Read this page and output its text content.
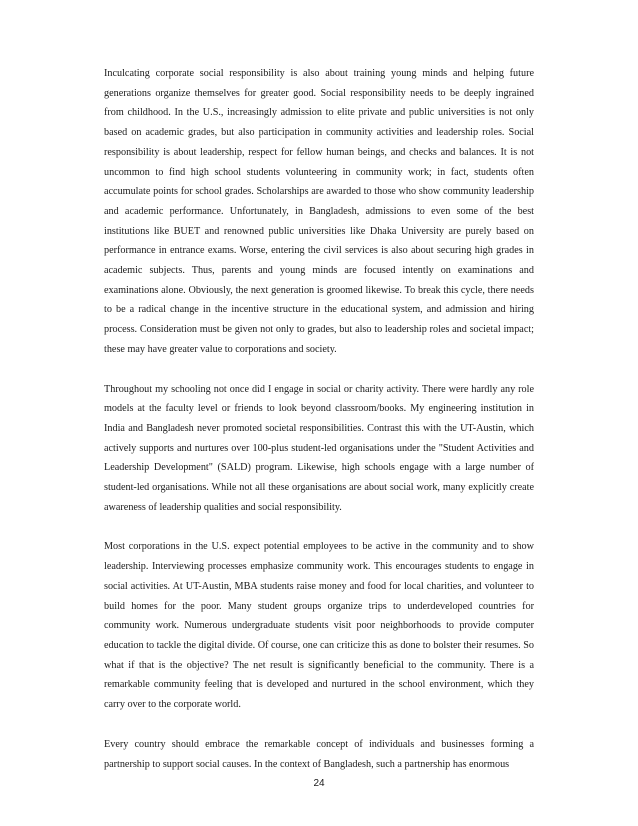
Inculcating corporate social responsibility is also about training young minds and helping future generations organize themselves for greater good. Social responsibility needs to be deeply ingrained from childhood. In the U.S., increasingly admission to elite private and public universities is not only based on academic grades, but also participation in community activities and leadership roles. Social responsibility is about leadership, respect for fellow human beings, and checks and balances. It is not uncommon to find high school students volunteering in community work; in fact, students often accumulate points for school grades. Scholarships are awarded to those who show community leadership and academic performance. Unfortunately, in Bangladesh, admissions to even some of the best institutions like BUET and renowned public universities like Dhaka University are purely based on performance in entrance exams. Worse, entering the civil services is also about securing high grades in academic subjects. Thus, parents and young minds are focused intently on examinations and examinations alone. Obviously, the next generation is groomed likewise. To break this cycle, there needs to be a radical change in the incentive structure in the educational system, and admission and hiring process. Consideration must be given not only to grades, but also to leadership roles and societal impact; these may have greater value to corporations and society.

Throughout my schooling not once did I engage in social or charity activity. There were hardly any role models at the faculty level or friends to look beyond classroom/books. My engineering institution in India and Bangladesh never promoted societal responsibilities. Contrast this with the UT-Austin, which actively supports and nurtures over 100-plus student-led organisations under the "Student Activities and Leadership Development" (SALD) program. Likewise, high schools engage with a large number of student-led organisations. While not all these organisations are about social work, many explicitly create awareness of leadership qualities and social responsibility.

Most corporations in the U.S. expect potential employees to be active in the community and to show leadership. Interviewing processes emphasize community work. This encourages students to engage in social activities. At UT-Austin, MBA students raise money and food for local charities, and volunteer to build homes for the poor. Many student groups organize trips to underdeveloped countries for community work. Numerous undergraduate students visit poor neighborhoods to provide computer education to tackle the digital divide. Of course, one can criticize this as done to bolster their resumes. So what if that is the objective? The net result is significantly beneficial to the community. There is a remarkable community feeling that is developed and nurtured in the school environment, which they carry over to the corporate world.

Every country should embrace the remarkable concept of individuals and businesses forming a partnership to support social causes. In the context of Bangladesh, such a partnership has enormous

24
